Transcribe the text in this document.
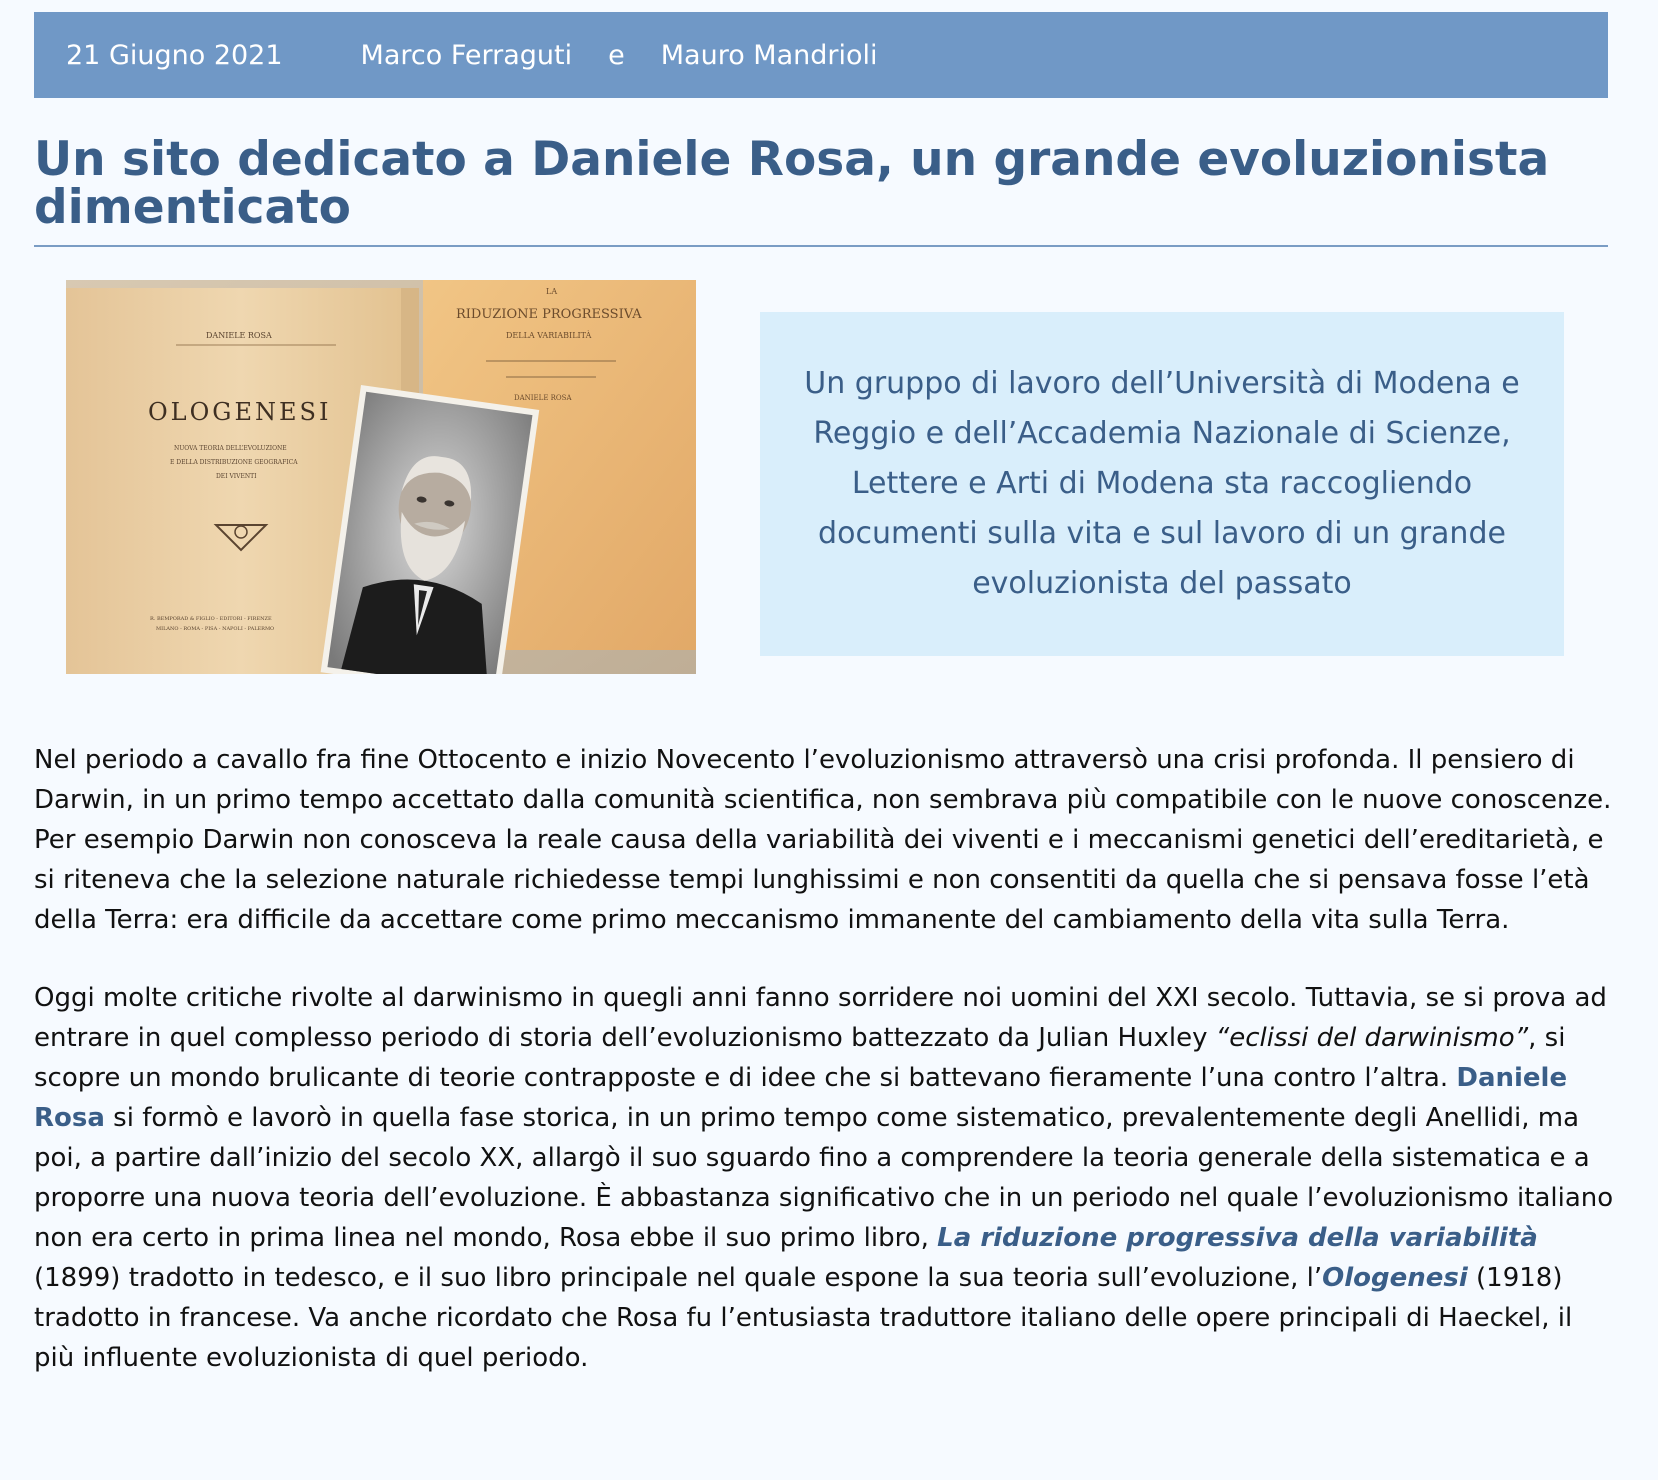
21 Giugno 2021	Marco Ferraguti e Mauro Mandrioli
Un sito dedicato a Daniele Rosa, un grande evoluzionista dimenticato
LA
RIDUZIONE PROGRESSIVA
DELLA VARIABILITÀ
DANIELE ROSA
DANIELE ROSA
OLOGENESI
NUOVA TEORIA DELL’EVOLUZIONE
E DELLA DISTRIBUZIONE GEOGRAFICA
DEI VIVENTI
R. BEMPORAD & FIGLIO - EDITORI - FIRENZE
MILANO - ROMA - PISA - NAPOLI - PALERMO

Un gruppo di lavoro dell’Università di Modena e Reggio e dell’Accademia Nazionale di Scienze, Lettere e Arti di Modena sta raccogliendo documenti sulla vita e sul lavoro di un grande evoluzionista del passato

Nel periodo a cavallo fra fine Ottocento e inizio Novecento l’evoluzionismo attraversò una crisi profonda. Il pensiero di Darwin, in un primo tempo accettato dalla comunità scientifica, non sembrava più compatibile con le nuove conoscenze. Per esempio Darwin non conosceva la reale causa della variabilità dei viventi e i meccanismi genetici dell’ereditarietà, e si riteneva che la selezione naturale richiedesse tempi lunghissimi e non consentiti da quella che si pensava fosse l’età della Terra: era difficile da accettare come primo meccanismo immanente del cambiamento della vita sulla Terra.

Oggi molte critiche rivolte al darwinismo in quegli anni fanno sorridere noi uomini del XXI secolo. Tuttavia, se si prova ad entrare in quel complesso periodo di storia dell’evoluzionismo battezzato da Julian Huxley “eclissi del darwinismo”, si scopre un mondo brulicante di teorie contrapposte e di idee che si battevano fieramente l’una contro l’altra. Daniele Rosa si formò e lavorò in quella fase storica, in un primo tempo come sistematico, prevalentemente degli Anellidi, ma poi, a partire dall’inizio del secolo XX, allargò il suo sguardo fino a comprendere la teoria generale della sistematica e a proporre una nuova teoria dell’evoluzione. È abbastanza significativo che in un periodo nel quale l’evoluzionismo italiano non era certo in prima linea nel mondo, Rosa ebbe il suo primo libro, La riduzione progressiva della variabilità (1899) tradotto in tedesco, e il suo libro principale nel quale espone la sua teoria sull’evoluzione, l’Ologenesi (1918) tradotto in francese. Va anche ricordato che Rosa fu l’entusiasta traduttore italiano delle opere principali di Haeckel, il più influente evoluzionista di quel periodo.
